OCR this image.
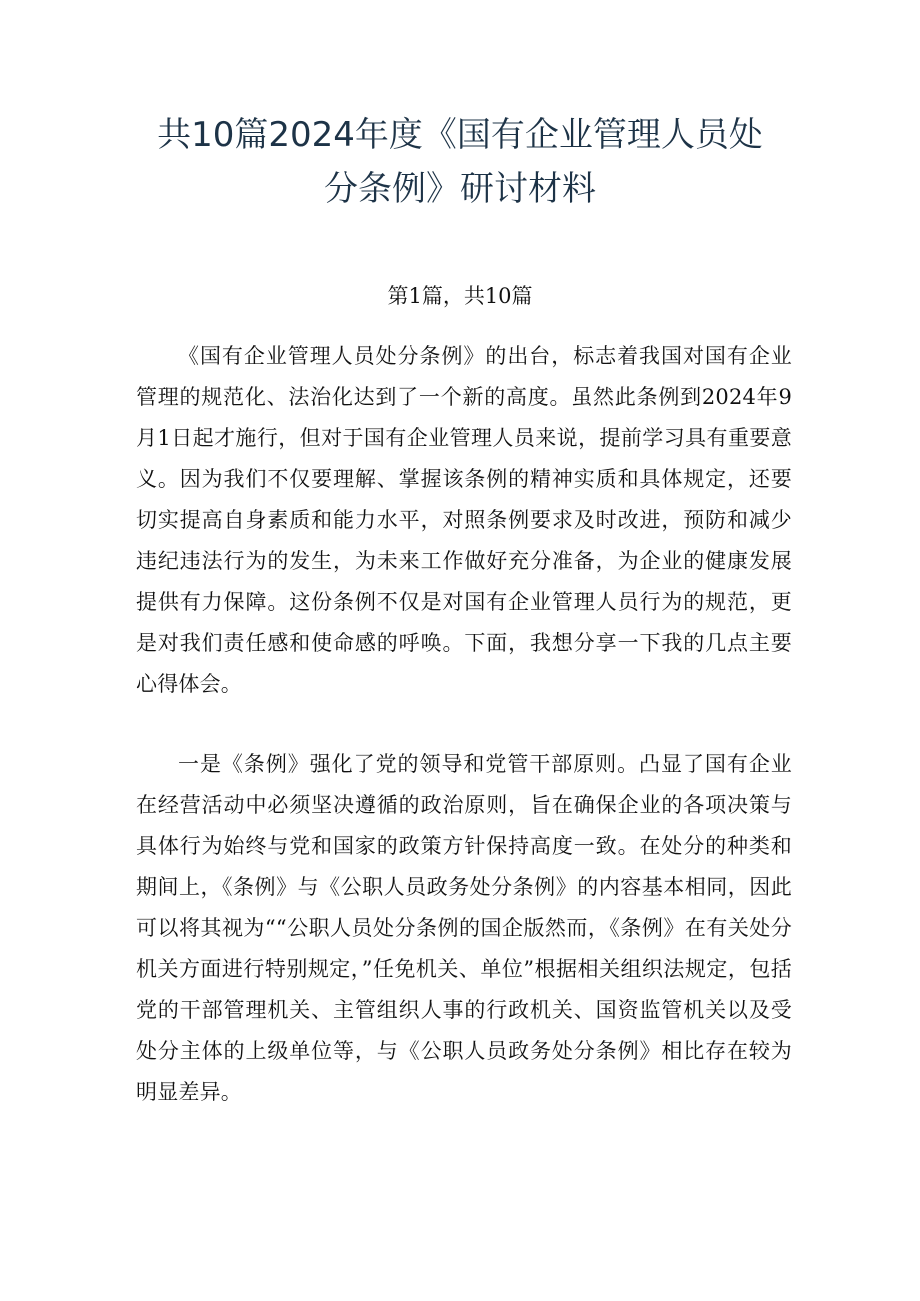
共10篇2024年度《国有企业管理人员处
分条例》研讨材料
第1篇，共10篇

《国有企业管理人员处分条例》的出台，标志着我国对国有企业管理的规范化、法治化达到了一个新的高度。虽然此条例到2024年9月1日起才施行，但对于国有企业管理人员来说，提前学习具有重要意义。因为我们不仅要理解、掌握该条例的精神实质和具体规定，还要切实提高自身素质和能力水平，对照条例要求及时改进，预防和减少违纪违法行为的发生，为未来工作做好充分准备，为企业的健康发展提供有力保障。这份条例不仅是对国有企业管理人员行为的规范，更是对我们责任感和使命感的呼唤。下面，我想分享一下我的几点主要心得体会。

一是《条例》强化了党的领导和党管干部原则。凸显了国有企业在经营活动中必须坚决遵循的政治原则，旨在确保企业的各项决策与具体行为始终与党和国家的政策方针保持高度一致。在处分的种类和期间上，《条例》与《公职人员政务处分条例》的内容基本相同，因此可以将其视为““公职人员处分条例的国企版然而，《条例》在有关处分机关方面进行特别规定，”任免机关、单位”根据相关组织法规定，包括党的干部管理机关、主管组织人事的行政机关、国资监管机关以及受处分主体的上级单位等，与《公职人员政务处分条例》相比存在较为明显差异。
